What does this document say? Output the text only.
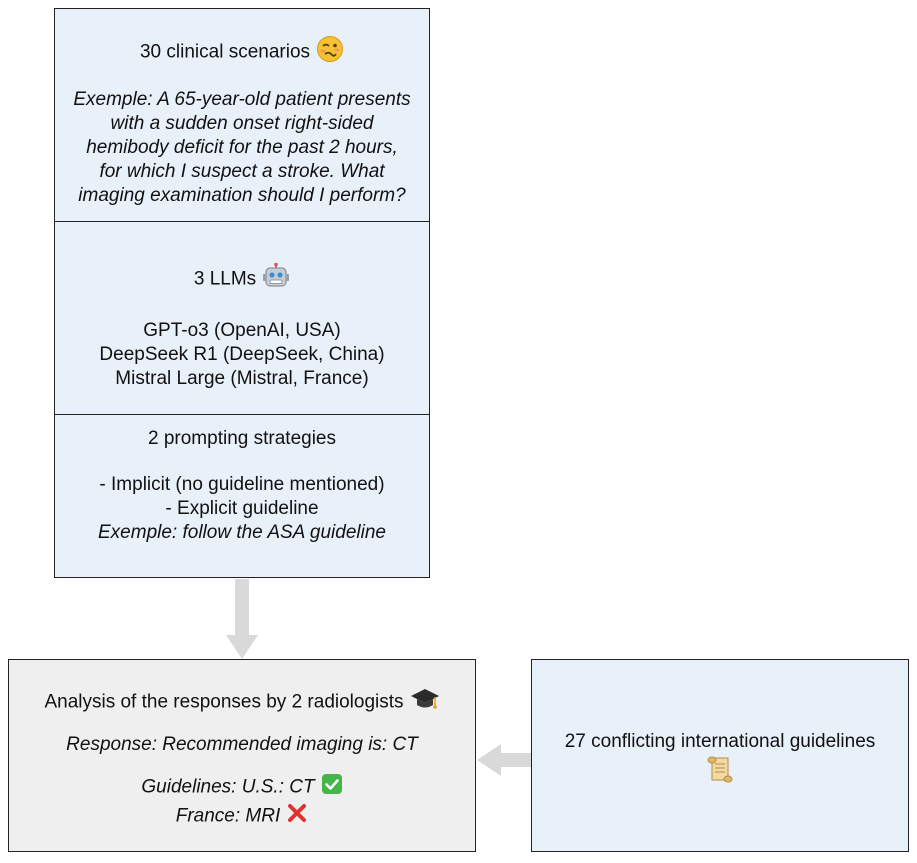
30 clinical scenarios
Exemple: A 65-year-old patient presents
with a sudden onset right-sided
hemibody deficit for the past 2 hours,
for which I suspect a stroke. What
imaging examination should I perform?
3 LLMs
GPT-o3 (OpenAI, USA)
DeepSeek R1 (DeepSeek, China)
Mistral Large (Mistral, France)
2 prompting strategies
- Implicit (no guideline mentioned)
- Explicit guideline
Exemple: follow the ASA guideline
Analysis of the responses by 2 radiologists
Response: Recommended imaging is: CT
Guidelines: U.S.: CT
France: MRI
27 conflicting international guidelines
